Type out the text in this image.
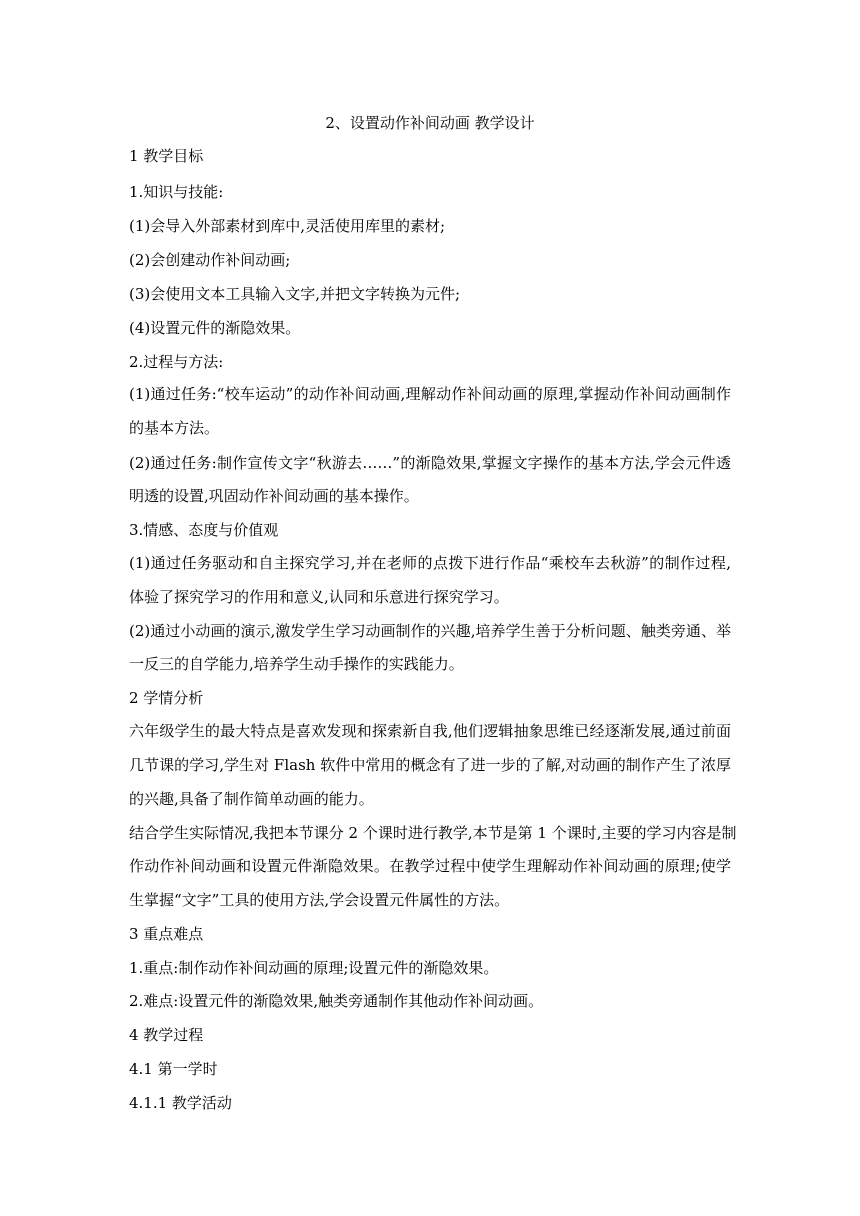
2、设置动作补间动画 教学设计

1 教学目标

1.知识与技能:

(1)会导入外部素材到库中,灵活使用库里的素材;

(2)会创建动作补间动画;

(3)会使用文本工具输入文字,并把文字转换为元件;

(4)设置元件的渐隐效果。

2.过程与方法:

(1)通过任务:“校车运动”的动作补间动画,理解动作补间动画的原理,掌握动作补间动画制作

的基本方法。

(2)通过任务:制作宣传文字“秋游去……”的渐隐效果,掌握文字操作的基本方法,学会元件透

明透的设置,巩固动作补间动画的基本操作。

3.情感、态度与价值观

(1)通过任务驱动和自主探究学习,并在老师的点拨下进行作品“乘校车去秋游”的制作过程,

体验了探究学习的作用和意义,认同和乐意进行探究学习。

(2)通过小动画的演示,激发学生学习动画制作的兴趣,培养学生善于分析问题、触类旁通、举

一反三的自学能力,培养学生动手操作的实践能力。

2 学情分析

六年级学生的最大特点是喜欢发现和探索新自我,他们逻辑抽象思维已经逐渐发展,通过前面

几节课的学习,学生对 Flash 软件中常用的概念有了进一步的了解,对动画的制作产生了浓厚

的兴趣,具备了制作简单动画的能力。

结合学生实际情况,我把本节课分 2 个课时进行教学,本节是第 1 个课时,主要的学习内容是制

作动作补间动画和设置元件渐隐效果。在教学过程中使学生理解动作补间动画的原理;使学

生掌握“文字”工具的使用方法,学会设置元件属性的方法。

3 重点难点

1.重点:制作动作补间动画的原理;设置元件的渐隐效果。

2.难点:设置元件的渐隐效果,触类旁通制作其他动作补间动画。

4 教学过程

4.1 第一学时

4.1.1 教学活动
